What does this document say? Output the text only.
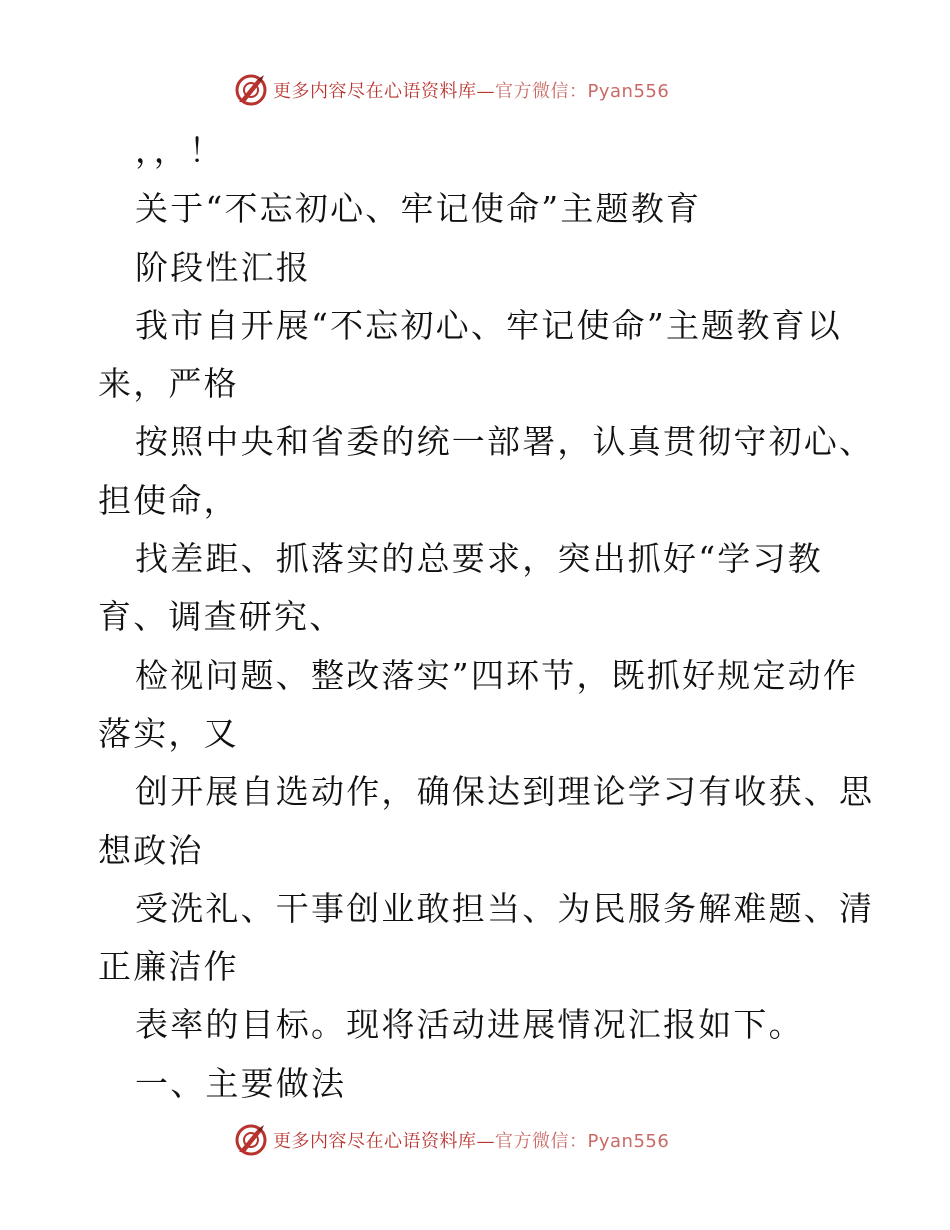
更多内容尽在心语资料库—官方微信：Pyan556
，，！
关于“不忘初心、牢记使命”主题教育
阶段性汇报
我市自开展“不忘初心、牢记使命”主题教育以
来，严格
按照中央和省委的统一部署，认真贯彻守初心、
担使命，
找差距、抓落实的总要求，突出抓好“学习教
育、调查研究、
检视问题、整改落实”四环节，既抓好规定动作
落实，又
创开展自选动作，确保达到理论学习有收获、思
想政治
受洗礼、干事创业敢担当、为民服务解难题、清
正廉洁作
表率的目标。现将活动进展情况汇报如下。
一、主要做法
更多内容尽在心语资料库—官方微信：Pyan556
